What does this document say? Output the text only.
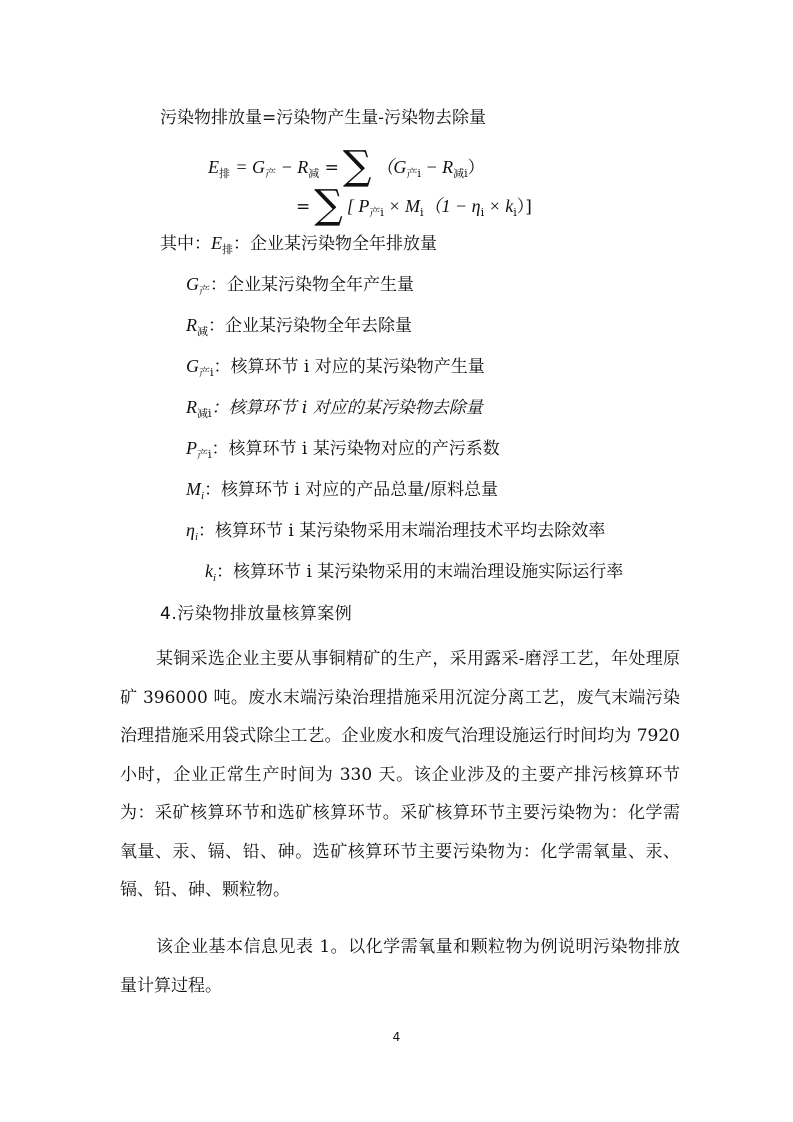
污染物排放量=污染物产生量-污染物去除量
$E_排 = G_产 - R_减$ = ∑ $(G_{产i} - R_{减i})$
= ∑ [ $P_{产i} \times M_i(1 - \eta_i \times k_i)$]
其中：$E_排$：企业某污染物全年排放量
$G_产$：企业某污染物全年产生量
$R_减$：企业某污染物全年去除量
$G_{产i}$：核算环节 i 对应的某污染物产生量
$R_{减i}$：核算环节 i 对应的某污染物去除量
$P_{产i}$：核算环节 i 某污染物对应的产污系数
$M_i$：核算环节 i 对应的产品总量/原料总量
$\eta_i$：核算环节 i 某污染物采用末端治理技术平均去除效率
$k_i$：核算环节 i 某污染物采用的末端治理设施实际运行率
4.污染物排放量核算案例

某铜采选企业主要从事铜精矿的生产，采用露采-磨浮工艺，年处理原矿 396000 吨。废水末端污染治理措施采用沉淀分离工艺，废气末端污染治理措施采用袋式除尘工艺。企业废水和废气治理设施运行时间均为 7920 小时，企业正常生产时间为 330 天。该企业涉及的主要产排污核算环节为：采矿核算环节和选矿核算环节。采矿核算环节主要污染物为：化学需氧量、汞、镉、铅、砷。选矿核算环节主要污染物为：化学需氧量、汞、镉、铅、砷、颗粒物。

该企业基本信息见表 1。以化学需氧量和颗粒物为例说明污染物排放量计算过程。

4
